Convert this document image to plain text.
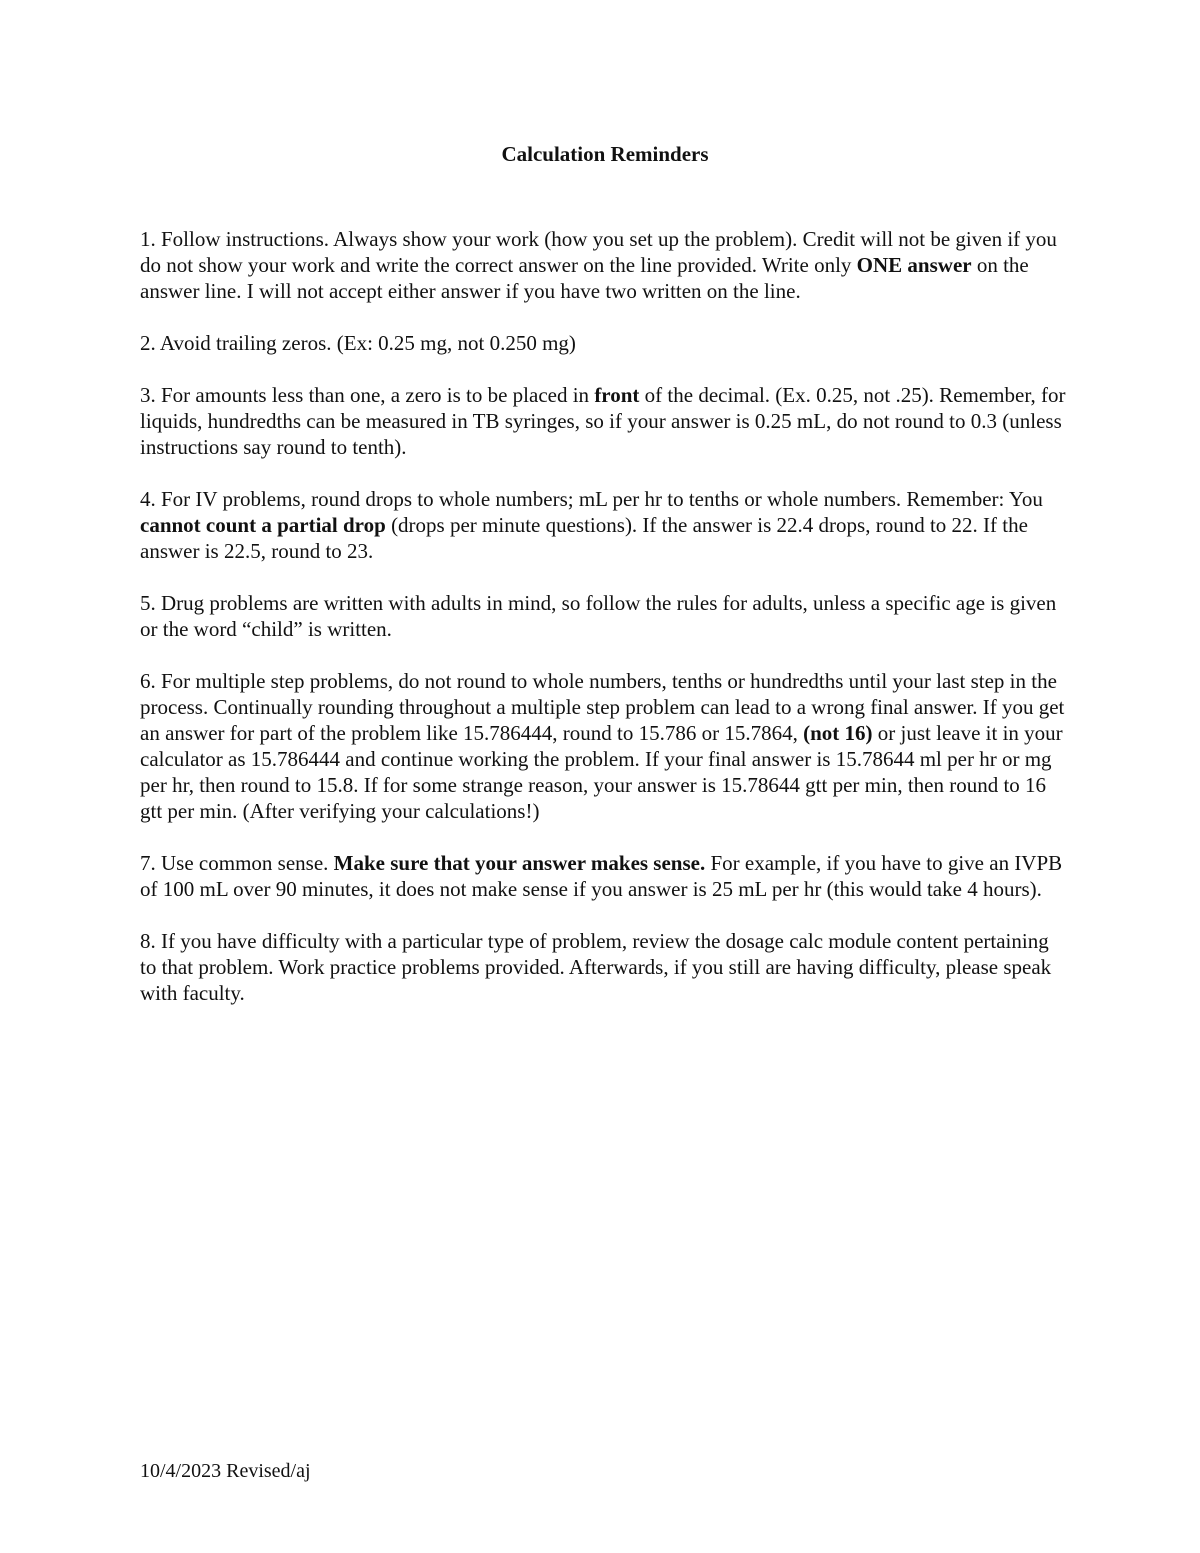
Calculation Reminders

1. Follow instructions. Always show your work (how you set up the problem). Credit will not be given if you do not show your work and write the correct answer on the line provided. Write only ONE answer on the answer line. I will not accept either answer if you have two written on the line.

2. Avoid trailing zeros. (Ex: 0.25 mg, not 0.250 mg)

3. For amounts less than one, a zero is to be placed in front of the decimal. (Ex. 0.25, not .25). Remember, for liquids, hundredths can be measured in TB syringes, so if your answer is 0.25 mL, do not round to 0.3 (unless instructions say round to tenth).

4. For IV problems, round drops to whole numbers; mL per hr to tenths or whole numbers. Remember: You cannot count a partial drop (drops per minute questions). If the answer is 22.4 drops, round to 22. If the answer is 22.5, round to 23.

5. Drug problems are written with adults in mind, so follow the rules for adults, unless a specific age is given or the word “child” is written.

6. For multiple step problems, do not round to whole numbers, tenths or hundredths until your last step in the process. Continually rounding throughout a multiple step problem can lead to a wrong final answer. If you get an answer for part of the problem like 15.786444, round to 15.786 or 15.7864, (not 16) or just leave it in your calculator as 15.786444 and continue working the problem. If your final answer is 15.78644 ml per hr or mg per hr, then round to 15.8. If for some strange reason, your answer is 15.78644 gtt per min, then round to 16 gtt per min. (After verifying your calculations!)

7. Use common sense. Make sure that your answer makes sense. For example, if you have to give an IVPB of 100 mL over 90 minutes, it does not make sense if you answer is 25 mL per hr (this would take 4 hours).

8. If you have difficulty with a particular type of problem, review the dosage calc module content pertaining to that problem. Work practice problems provided. Afterwards, if you still are having difficulty, please speak with faculty.

10/4/2023 Revised/aj
